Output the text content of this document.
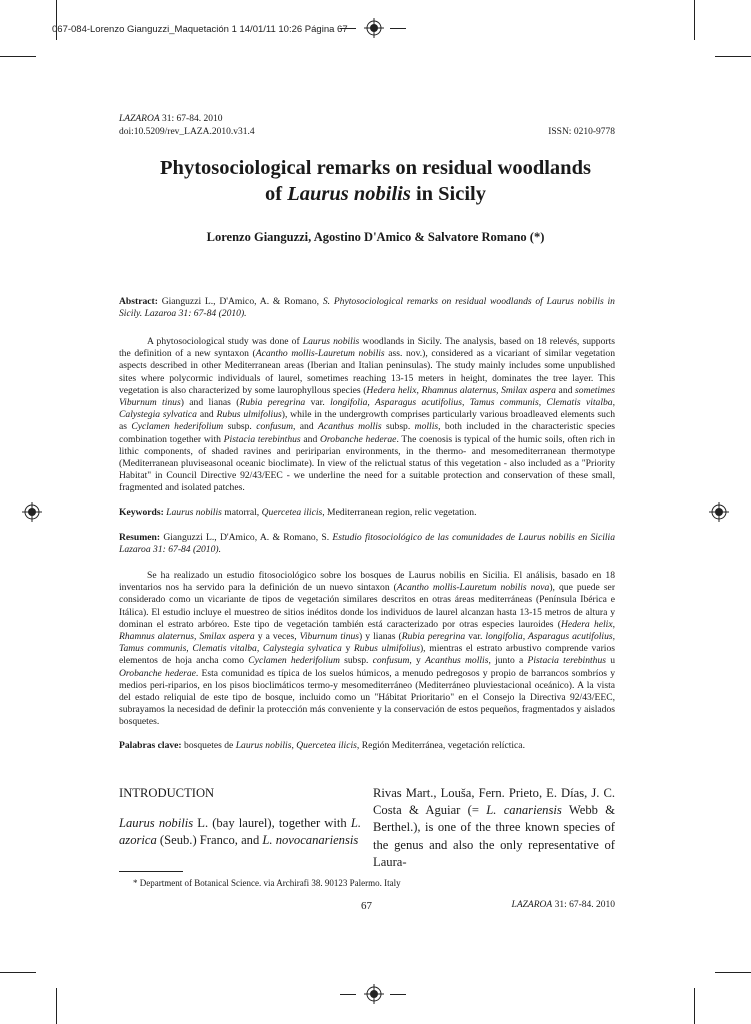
067-084-Lorenzo Gianguzzi_Maquetación 1 14/01/11 10:26 Página 67
LAZAROA 31: 67-84. 2010
doi:10.5209/rev_LAZA.2010.v31.4	ISSN: 0210-9778
Phytosociological remarks on residual woodlands
of Laurus nobilis in Sicily
Lorenzo Gianguzzi, Agostino D'Amico & Salvatore Romano (*)
Abstract: Gianguzzi L., D'Amico, A. & Romano, S. Phytosociological remarks on residual woodlands of Laurus nobilis in Sicily. Lazaroa 31: 67-84 (2010).
A phytosociological study was done of Laurus nobilis woodlands in Sicily. The analysis, based on 18 relevés, supports the definition of a new syntaxon (Acantho mollis-Lauretum nobilis ass. nov.), considered as a vicariant of similar vegetation aspects described in other Mediterranean areas (Iberian and Italian peninsulas). The study mainly includes some unpublished sites where polycormic individuals of laurel, sometimes reaching 13-15 meters in height, dominates the tree layer. This vegetation is also characterized by some laurophyllous species (Hedera helix, Rhamnus alaternus, Smilax aspera and sometimes Viburnum tinus) and lianas (Rubia peregrina var. longifolia, Asparagus acutifolius, Tamus communis, Clematis vitalba, Calystegia sylvatica and Rubus ulmifolius), while in the undergrowth comprises particularly various broadleaved elements such as Cyclamen hederifolium subsp. confusum, and Acanthus mollis subsp. mollis, both included in the characteristic species combination together with Pistacia terebinthus and Orobanche hederae. The coenosis is typical of the humic soils, often rich in lithic components, of shaded ravines and peririparian environments, in the thermo- and mesomediterranean thermotype (Mediterranean pluviseasonal oceanic bioclimate). In view of the relictual status of this vegetation - also included as a "Priority Habitat" in Council Directive 92/43/EEC - we underline the need for a suitable protection and conservation of these small, fragmented and isolated patches.
Keywords: Laurus nobilis matorral, Quercetea ilicis, Mediterranean region, relic vegetation.
Resumen: Gianguzzi L., D'Amico, A. & Romano, S. Estudio fitosociológico de las comunidades de Laurus nobilis en Sicilia Lazaroa 31: 67-84 (2010).
Se ha realizado un estudio fitosociológico sobre los bosques de Laurus nobilis en Sicilia. El análisis, basado en 18 inventarios nos ha servido para la definición de un nuevo sintaxon (Acantho mollis-Lauretum nobilis nova), que puede ser considerado como un vicariante de tipos de vegetación similares descritos en otras áreas mediterráneas (Península Ibérica e Itálica). El estudio incluye el muestreo de sitios inéditos donde los individuos de laurel alcanzan hasta 13-15 metros de altura y dominan el estrato arbóreo. Este tipo de vegetación también está caracterizado por otras especies lauroides (Hedera helix, Rhamnus alaternus, Smilax aspera y a veces, Viburnum tinus) y lianas (Rubia peregrina var. longifolia, Asparagus acutifolius, Tamus communis, Clematis vitalba, Calystegia sylvatica y Rubus ulmifolius), mientras el estrato arbustivo comprende varios elementos de hoja ancha como Cyclamen hederifolium subsp. confusum, y Acanthus mollis, junto a Pistacia terebinthus u Orobanche hederae. Esta comunidad es típica de los suelos húmicos, a menudo pedregosos y propio de barrancos sombríos y medios peri-riparios, en los pisos bioclimáticos termo-y mesomediterráneo (Mediterráneo pluviestacional oceánico). A la vista del estado reliquial de este tipo de bosque, incluido como un "Hábitat Prioritario" en el Consejo la Directiva 92/43/EEC, subrayamos la necesidad de definir la protección más conveniente y la conservación de estos pequeños, fragmentados y aislados bosquetes.
Palabras clave: bosquetes de Laurus nobilis, Quercetea ilicis, Región Mediterránea, vegetación relíctica.
INTRODUCTION
Laurus nobilis L. (bay laurel), together with L. azorica (Seub.) Franco, and L. novocanariensis
Rivas Mart., Louša, Fern. Prieto, E. Días, J. C. Costa & Aguiar (= L. canariensis Webb & Berthel.), is one of the three known species of the genus and also the only representative of Laura-
* Department of Botanical Science. via Archirafi 38. 90123 Palermo. Italy
67	LAZAROA 31: 67-84. 2010
